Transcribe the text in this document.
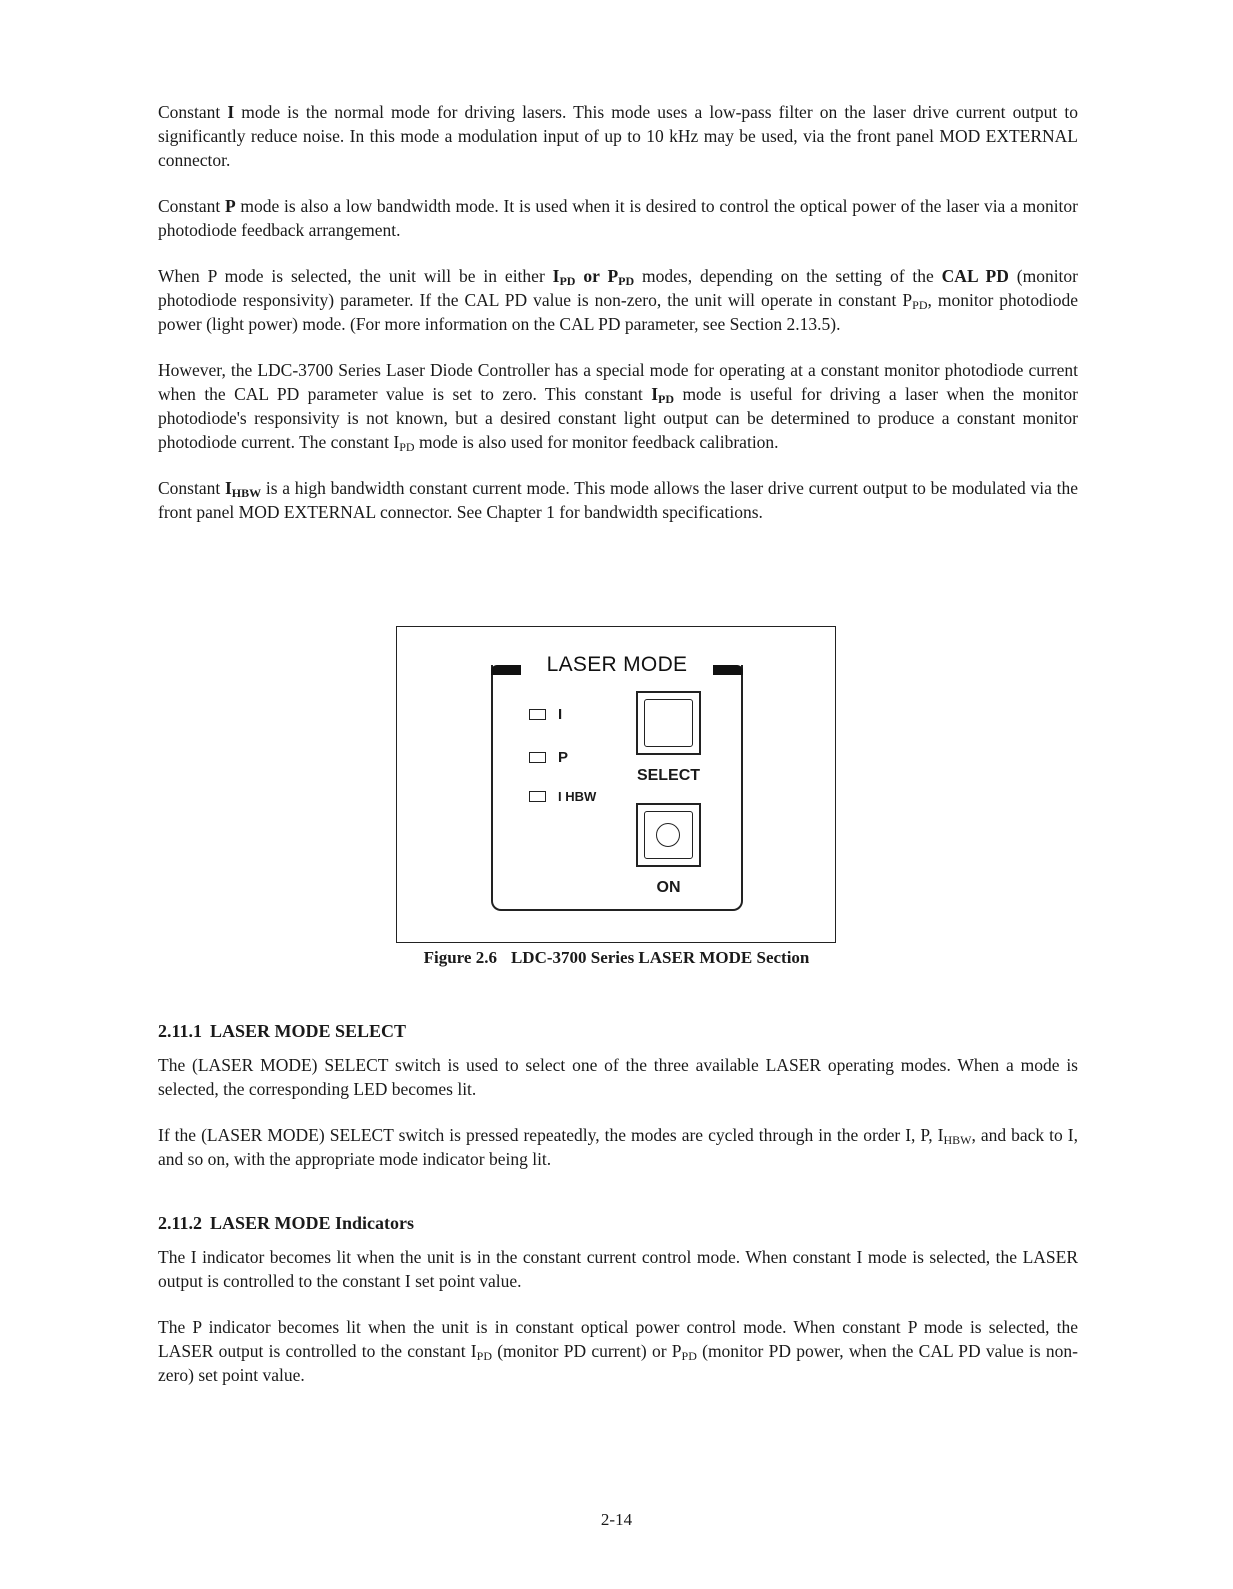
Constant I mode is the normal mode for driving lasers. This mode uses a low-pass filter on the laser drive current output to significantly reduce noise. In this mode a modulation input of up to 10 kHz may be used, via the front panel MOD EXTERNAL connector.

Constant P mode is also a low bandwidth mode. It is used when it is desired to control the optical power of the laser via a monitor photodiode feedback arrangement.

When P mode is selected, the unit will be in either $I_{PD}$ or $P_{PD}$ modes, depending on the setting of the CAL PD (monitor photodiode responsivity) parameter. If the CAL PD value is non-zero, the unit will operate in constant $P_{PD}$, monitor photodiode power (light power) mode. (For more information on the CAL PD parameter, see Section 2.13.5).

However, the LDC-3700 Series Laser Diode Controller has a special mode for operating at a constant monitor photodiode current when the CAL PD parameter value is set to zero. This constant $I_{PD}$ mode is useful for driving a laser when the monitor photodiode's responsivity is not known, but a desired constant light output can be determined to produce a constant monitor photodiode current. The constant $I_{PD}$ mode is also used for monitor feedback calibration.

Constant $I_{HBW}$ is a high bandwidth constant current mode. This mode allows the laser drive current output to be modulated via the front panel MOD EXTERNAL connector. See Chapter 1 for bandwidth specifications.

LASER MODE
I
P
I HBW
SELECT
ON
Figure 2.6 LDC-3700 Series LASER MODE Section

2.11.1 LASER MODE SELECT

The (LASER MODE) SELECT switch is used to select one of the three available LASER operating modes. When a mode is selected, the corresponding LED becomes lit.

If the (LASER MODE) SELECT switch is pressed repeatedly, the modes are cycled through in the order I, P, $I_{HBW}$, and back to I, and so on, with the appropriate mode indicator being lit.

2.11.2 LASER MODE Indicators

The I indicator becomes lit when the unit is in the constant current control mode. When constant I mode is selected, the LASER output is controlled to the constant I set point value.

The P indicator becomes lit when the unit is in constant optical power control mode. When constant P mode is selected, the LASER output is controlled to the constant $I_{PD}$ (monitor PD current) or $P_{PD}$ (monitor PD power, when the CAL PD value is non-zero) set point value.

2-14
